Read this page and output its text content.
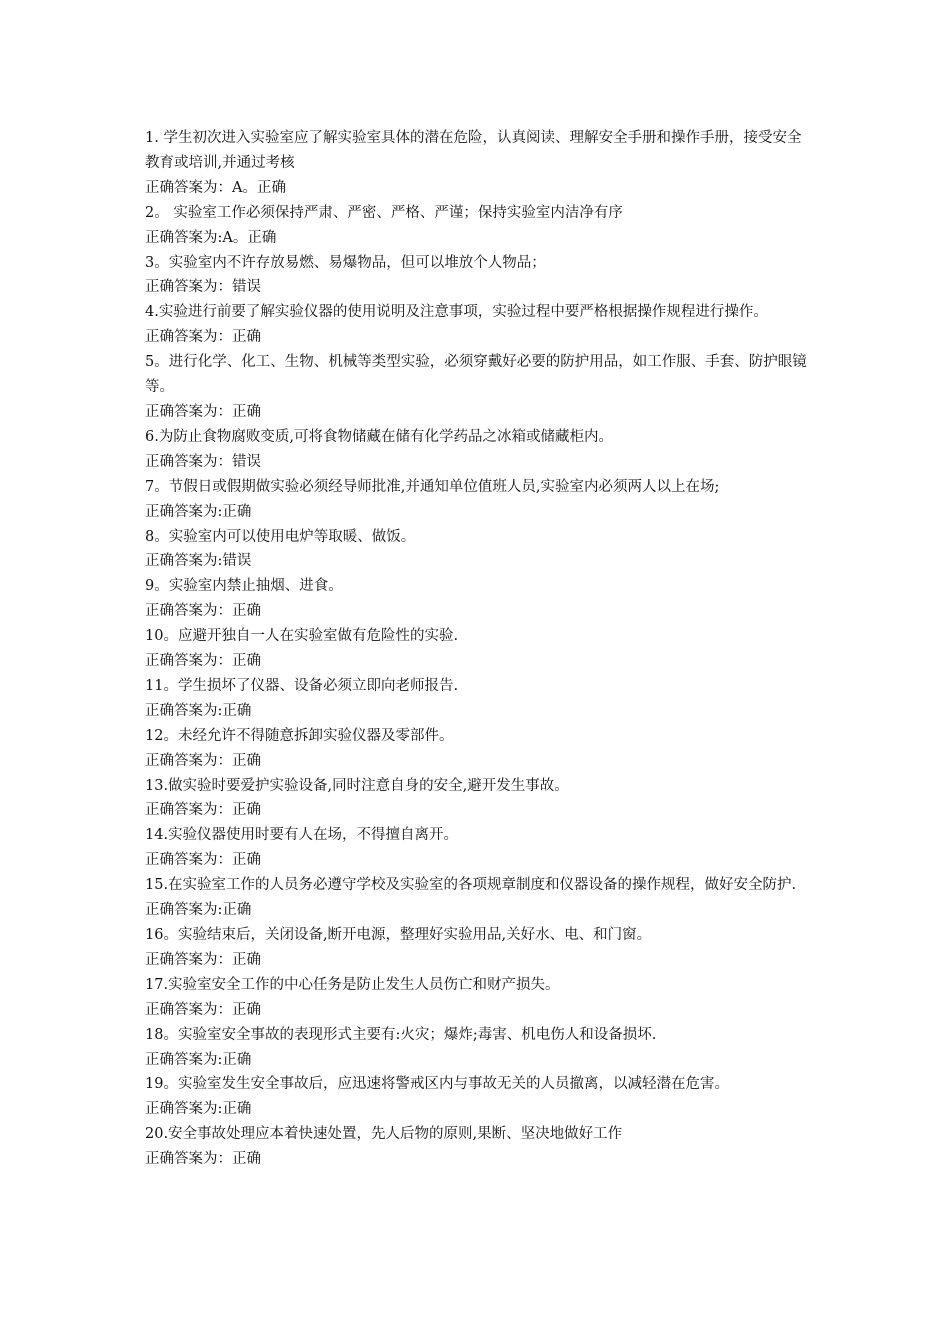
1. 学生初次进入实验室应了解实验室具体的潜在危险，认真阅读、理解安全手册和操作手册，接受安全教育或培训,并通过考核

正确答案为：A。正确

2。 实验室工作必须保持严肃、严密、严格、严谨；保持实验室内洁净有序

正确答案为:A。正确

3。实验室内不许存放易燃、易爆物品，但可以堆放个人物品；

正确答案为：错误

4.实验进行前要了解实验仪器的使用说明及注意事项，实验过程中要严格根据操作规程进行操作。

正确答案为：正确

5。进行化学、化工、生物、机械等类型实验，必须穿戴好必要的防护用品，如工作服、手套、防护眼镜等。

正确答案为：正确

6.为防止食物腐败变质,可将食物储藏在储有化学药品之冰箱或储藏柜内。

正确答案为：错误

7。节假日或假期做实验必须经导师批准,并通知单位值班人员,实验室内必须两人以上在场;

正确答案为:正确

8。实验室内可以使用电炉等取暖、做饭。

正确答案为:错误

9。实验室内禁止抽烟、进食。

正确答案为：正确

10。应避开独自一人在实验室做有危险性的实验.

正确答案为：正确

11。学生损坏了仪器、设备必须立即向老师报告.

正确答案为:正确

12。未经允许不得随意拆卸实验仪器及零部件。

正确答案为：正确

13.做实验时要爱护实验设备,同时注意自身的安全,避开发生事故。

正确答案为：正确

14.实验仪器使用时要有人在场，不得擅自离开。

正确答案为：正确

15.在实验室工作的人员务必遵守学校及实验室的各项规章制度和仪器设备的操作规程，做好安全防护.

正确答案为:正确

16。实验结束后，关闭设备,断开电源，整理好实验用品,关好水、电、和门窗。

正确答案为：正确

17.实验室安全工作的中心任务是防止发生人员伤亡和财产损失。

正确答案为：正确

18。实验室安全事故的表现形式主要有:火灾；爆炸;毒害、机电伤人和设备损坏.

正确答案为:正确

19。实验室发生安全事故后，应迅速将警戒区内与事故无关的人员撤离，以减轻潜在危害。

正确答案为:正确

20.安全事故处理应本着快速处置，先人后物的原则,果断、坚决地做好工作

正确答案为：正确
